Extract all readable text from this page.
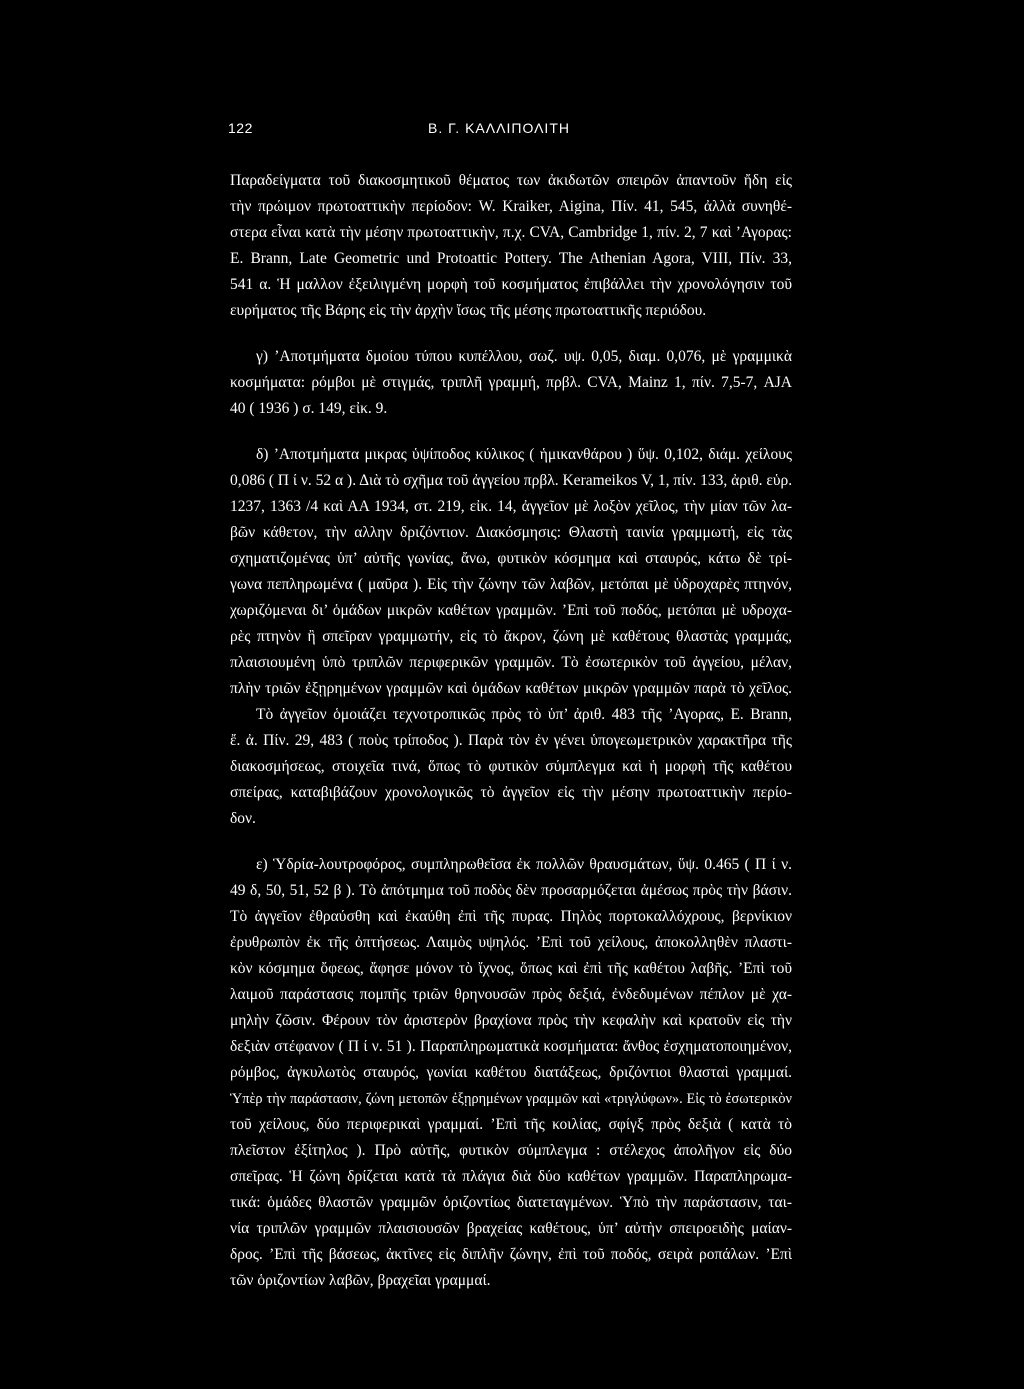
122	Β. Γ. ΚΑΛΛΙΠΟΛΙΤΗ
Παραδείγματα τοῦ διακοσμητικοῦ θέματος των ἀκιδωτῶν σπειρῶν ἀπαντοῦν ἤδη εἰς
τὴν πρώιμον πρωτοαττικὴν περίοδον: W. Kraiker, Aigina, Πίν. 41, 545, ἀλλὰ συνηθέ-
στερα εἶναι κατὰ τὴν μέσην πρωτοαττικὴν, π.χ. CVA, Cambridge 1, πίν. 2, 7 καὶ ’Αγορας:
E. Brann, Late Geometric und Protoattic Pottery. The Athenian Agora, VIII, Πίν. 33,
541 α. Ἡ μαλλον ἐξειλιγμένη μορφὴ τοῦ κοσμήματος ἐπιβάλλει τὴν χρονολόγησιν τοῦ
ευρήματος τῆς Βάρης εἰς τὴν ἀρχὴν ἴσως τῆς μέσης πρωτοαττικῆς περιόδου.
γ) ’Αποτμήματα δμοίου τύπου κυπέλλου, σωζ. υψ. 0,05, διαμ. 0,076, μὲ γραμμικὰ
κοσμήματα: ρόμβοι μὲ στιγμάς, τριπλῆ γραμμή, πρβλ. CVA, Mainz 1, πίν. 7,5-7, AJA
40 ( 1936 ) σ. 149, εἰκ. 9.
δ) ’Αποτμήματα μικρας ὑψίποδος κύλικος ( ἡμικανθάρου ) ὕψ. 0,102, διάμ. χείλους
0,086 ( Π ί ν. 52 α ). Διὰ τὸ σχῆμα τοῦ ἀγγείου πρβλ. Kerameikos V, 1, πίν. 133, ἀριθ. εὑρ.
1237, 1363 /4 καὶ ΑΑ 1934, στ. 219, εἰκ. 14, ἀγγεῖον μὲ λοξὸν χεῖλος, τὴν μίαν τῶν λα-
βῶν κάθετον, τὴν αλλην δριζόντιον. Διακόσμησις: Θλαστὴ ταινία γραμμωτή, εἰς τὰς
σχηματιζομένας ὑπ’ αὐτῆς γωνίας, ἄνω, φυτικὸν κόσμημα καὶ σταυρός, κάτω δὲ τρί-
γωνα πεπληρωμένα ( μαῦρα ). Εἰς τὴν ζώνην τῶν λαβῶν, μετόπαι μὲ ὑδροχαρὲς πτηνόν,
χωριζόμεναι δι’ ὁμάδων μικρῶν καθέτων γραμμῶν. ’Επὶ τοῦ ποδός, μετόπαι μὲ υδροχα-
ρὲς πτηνὸν ἢ σπεῖραν γραμμωτήν, εἰς τὸ ἄκρον, ζώνη μὲ καθέτους θλαστὰς γραμμάς,
πλαισιουμένη ὑπὸ τριπλῶν περιφερικῶν γραμμῶν. Τὸ ἐσωτερικὸν τοῦ ἀγγείου, μέλαν,
πλὴν τριῶν ἐξῃρημένων γραμμῶν καὶ ὁμάδων καθέτων μικρῶν γραμμῶν παρὰ τὸ χεῖλος.
Τὸ ἀγγεῖον ὁμοιάζει τεχνοτροπικῶς πρὸς τὸ ὑπ’ ἀριθ. 483 τῆς ’Αγορας, E. Brann,
ἔ. ἀ. Πίν. 29, 483 ( ποὺς τρίποδος ). Παρὰ τὸν ἐν γένει ὑπογεωμετρικὸν χαρακτῆρα τῆς
διακοσμήσεως, στοιχεῖα τινά, ὅπως τὸ φυτικὸν σύμπλεγμα καὶ ἡ μορφὴ τῆς καθέτου
σπείρας, καταβιβάζουν χρονολογικῶς τὸ ἀγγεῖον εἰς τὴν μέσην πρωτοαττικὴν περίο-
δον.
ε) Ὑδρία-λουτροφόρος, συμπληρωθεῖσα ἐκ πολλῶν θραυσμάτων, ὕψ. 0.465 ( Π ί ν.
49 δ, 50, 51, 52 β ). Τὸ ἀπότμημα τοῦ ποδὸς δὲν προσαρμόζεται ἀμέσως πρὸς τὴν βάσιν.
Τὸ ἀγγεῖον ἐθραύσθη καὶ ἐκαύθη ἐπὶ τῆς πυρας. Πηλὸς πορτοκαλλόχρους, βερνίκιον
ἐρυθρωπὸν ἐκ τῆς ὀπτήσεως. Λαιμὸς υψηλός. ’Επὶ τοῦ χείλους, ἀποκολληθὲν πλαστι-
κὸν κόσμημα ὄφεως, ἄφησε μόνον τὸ ἴχνος, ὅπως καὶ ἐπὶ τῆς καθέτου λαβῆς. ’Επὶ τοῦ
λαιμοῦ παράστασις πομπῆς τριῶν θρηνουσῶν πρὸς δεξιά, ἐνδεδυμένων πέπλον μὲ χα-
μηλὴν ζῶσιν. Φέρουν τὸν ἀριστερὸν βραχίονα πρὸς τὴν κεφαλὴν καὶ κρατοῦν εἰς τὴν
δεξιὰν στέφανον ( Π ί ν. 51 ). Παραπληρωματικὰ κοσμήματα: ἄνθος ἐσχηματοποιημένον,
ρόμβος, ἀγκυλωτὸς σταυρός, γωνίαι καθέτου διατάξεως, δριζόντιοι θλασταὶ γραμμαί.
Ὑπὲρ τὴν παράστασιν, ζώνη μετοπῶν ἐξῃρημένων γραμμῶν καὶ «τριγλύφων». Εἰς τὸ ἐσωτερικὸν
τοῦ χείλους, δύο περιφερικαὶ γραμμαί. ’Επὶ τῆς κοιλίας, σφίγξ πρὸς δεξιὰ ( κατὰ τὸ
πλεῖστον ἐξίτηλος ). Πρὸ αὐτῆς, φυτικὸν σύμπλεγμα : στέλεχος ἀπολῆγον εἰς δύο
σπεῖρας. Ἡ ζώνη δρίζεται κατὰ τὰ πλάγια διὰ δύο καθέτων γραμμῶν. Παραπληρωμα-
τικά: ὁμάδες θλαστῶν γραμμῶν ὁριζοντίως διατεταγμένων. Ὑπὸ τὴν παράστασιν, ται-
νία τριπλῶν γραμμῶν πλαισιουσῶν βραχείας καθέτους, ὑπ’ αὐτὴν σπειροειδὴς μαίαν-
δρος. ’Επὶ τῆς βάσεως, ἀκτῖνες εἰς διπλῆν ζώνην, ἐπὶ τοῦ ποδός, σειρὰ ροπάλων. ’Επὶ
τῶν ὁριζοντίων λαβῶν, βραχεῖαι γραμμαί.
